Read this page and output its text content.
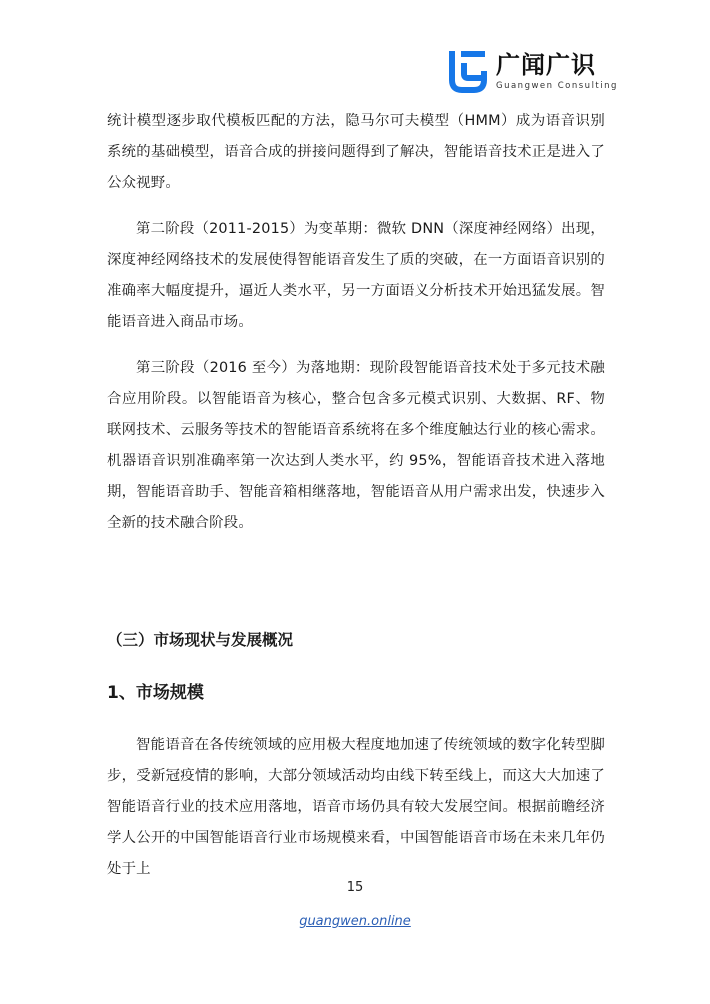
广闻广识
Guangwen Consulting

统计模型逐步取代模板匹配的方法，隐马尔可夫模型（HMM）成为语音识别系统的基础模型，语音合成的拼接问题得到了解决，智能语音技术正是进入了公众视野。

第二阶段（2011-2015）为变革期：微软 DNN（深度神经网络）出现，深度神经网络技术的发展使得智能语音发生了质的突破，在一方面语音识别的准确率大幅度提升，逼近人类水平，另一方面语义分析技术开始迅猛发展。智能语音进入商品市场。

第三阶段（2016 至今）为落地期：现阶段智能语音技术处于多元技术融合应用阶段。以智能语音为核心，整合包含多元模式识别、大数据、RF、物联网技术、云服务等技术的智能语音系统将在多个维度触达行业的核心需求。机器语音识别准确率第一次达到人类水平，约 95%，智能语音技术进入落地期，智能语音助手、智能音箱相继落地，智能语音从用户需求出发，快速步入全新的技术融合阶段。

（三）市场现状与发展概况
1、市场规模

智能语音在各传统领域的应用极大程度地加速了传统领域的数字化转型脚步，受新冠疫情的影响，大部分领域活动均由线下转至线上，而这大大加速了智能语音行业的技术应用落地，语音市场仍具有较大发展空间。根据前瞻经济学人公开的中国智能语音行业市场规模来看，中国智能语音市场在未来几年仍处于上

15
guangwen.online
